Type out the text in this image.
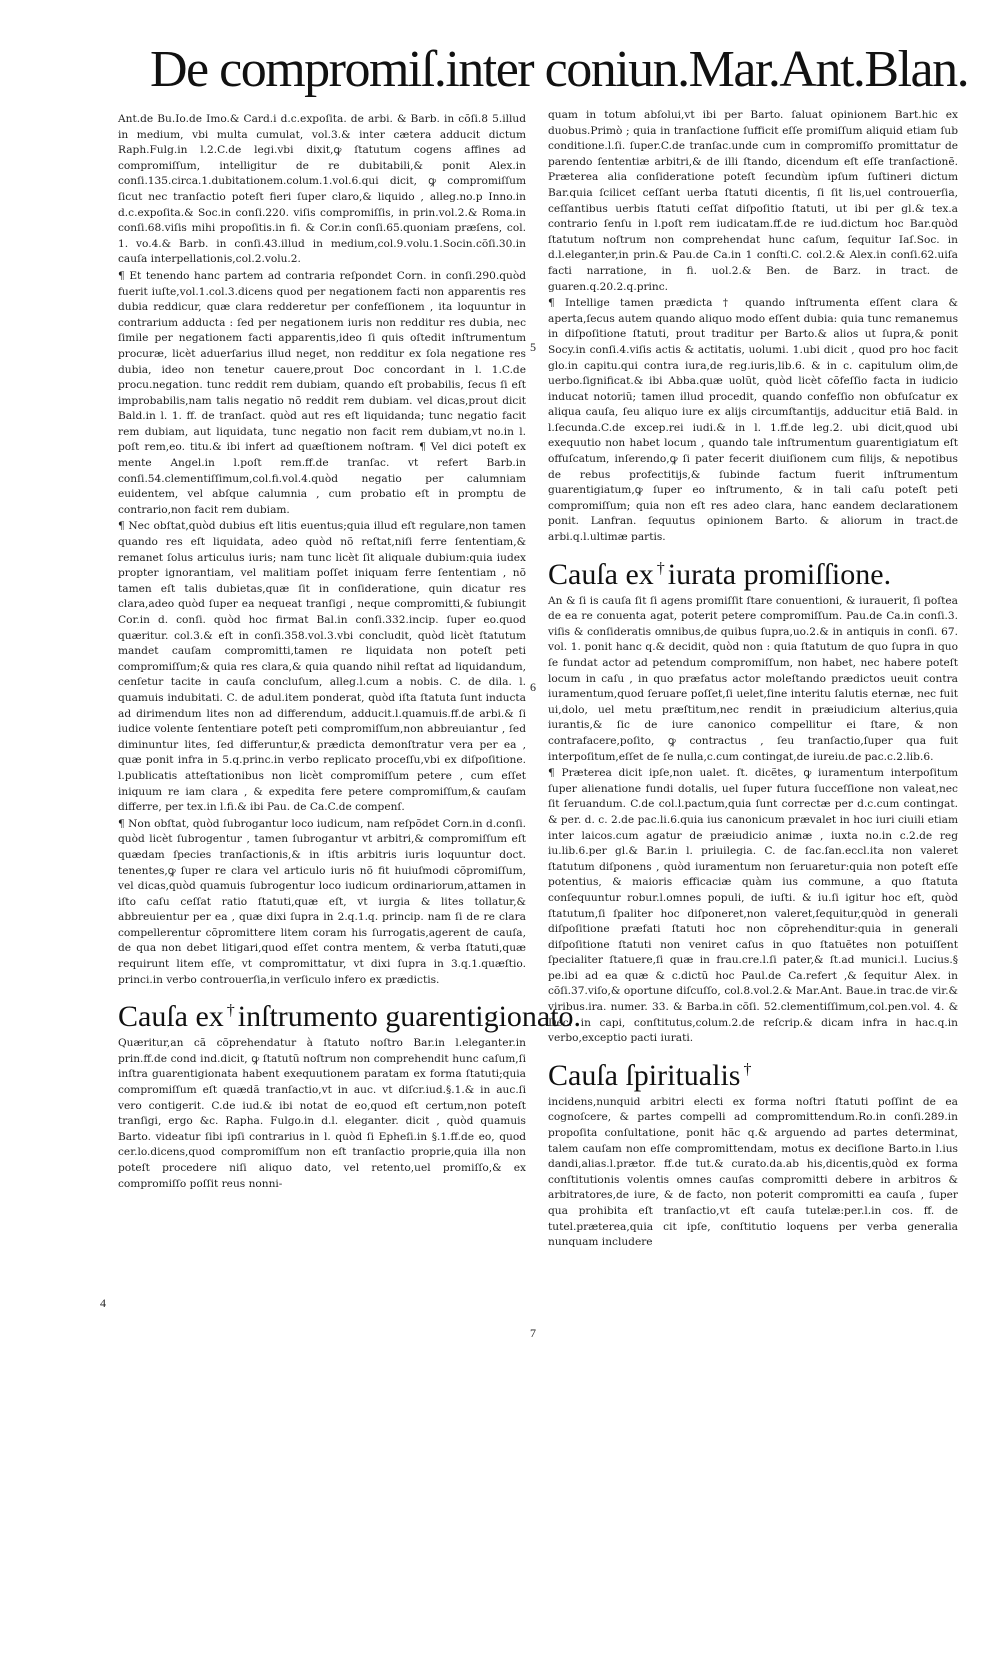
De compromiſ.inter coniun.Mar.Ant.Blan.

Ant.de Bu.Io.de Imo.& Card.i d.c.expoſita. de arbi. & Barb. in cõſi.8 5.illud in medium, vbi multa cumulat, vol.3.& inter cætera adducit dictum Raph.Fulg.in l.2.C.de legi.vbi dixit,ꝙ ſtatutum cogens affines ad compromiſſum, intelligitur de re dubitabili,& ponit Alex.in conſi.135.circa.1.dubitationem.colum.1.vol.6.qui dicit, ꝙ compromiſſum ſicut nec tranſactio poteſt fieri ſuper claro,& liquido , alleg.no.p Inno.in d.c.expoſita.& Soc.in conſi.220. viſis compromiſſis, in prin.vol.2.& Roma.in conſi.68.viſis mihi propoſitis.in fi. & Cor.in conſi.65.quoniam præſens, col. 1. vo.4.& Barb. in conſi.43.illud in medium,col.9.volu.1.Socin.cõſi.30.in cauſa interpellationis,col.2.volu.2.

¶ Et tenendo hanc partem ad contraria reſpondet Corn. in conſi.290.quòd fuerit iuſte,vol.1.col.3.dicens quod per negationem facti non apparentis res dubia reddicur, quæ clara redderetur per confeſſionem , ita loquuntur in contrarium adducta : ſed per negationem iuris non redditur res dubia, nec ſimile per negationem facti apparentis,ideo ſi quis oſtedit inſtrumentum procuræ, licèt aduerſarius illud neget, non redditur ex ſola negatione res dubia, ideo non tenetur cauere,prout Doc concordant in l. 1.C.de procu.negation. tunc reddit rem dubiam, quando eſt probabilis, ſecus ſi eſt improbabilis,nam talis negatio nõ reddit rem dubiam. vel dicas,prout dicit Bald.in l. 1. ff. de tranſact. quòd aut res eſt liquidanda; tunc negatio facit rem dubiam, aut liquidata, tunc negatio non facit rem dubiam,vt no.in l. poſt rem,eo. titu.& ibi infert ad quæſtionem noſtram. ¶ Vel dici poteſt ex mente Angel.in l.poſt rem.ff.de tranſac. vt refert Barb.in conſi.54.clementiſſimum,col.fi.vol.4.quòd negatio per calumniam euidentem, vel abſque calumnia , cum probatio eſt in promptu de contrario,non facit rem dubiam.

¶ Nec obſtat,quòd dubius eſt litis euentus;quia illud eſt regulare,non tamen quando res eſt liquidata, adeo quòd nõ reſtat,niſi ferre ſententiam,& remanet ſolus articulus iuris; nam tunc licèt ſit aliquale dubium:quia iudex propter ignorantiam, vel malitiam poſſet iniquam ferre ſententiam , nõ tamen eſt talis dubietas,quæ ſit in conſideratione, quin dicatur res clara,adeo quòd ſuper ea nequeat tranſigi , neque compromitti,& ſubiungit Cor.in d. conſi. quòd hoc firmat Bal.in conſi.332.incip. ſuper eo.quod quæritur. col.3.& eſt in conſi.358.vol.3.vbi concludit, quòd licèt ſtatutum mandet cauſam compromitti,tamen re liquidata non poteſt peti compromiſſum;& quia res clara,& quia quando nihil reſtat ad liquidandum, cenſetur tacite in cauſa concluſum, alleg.l.cum a nobis. C. de dila. l. quamuis indubitati. C. de adul.item ponderat, quòd iſta ſtatuta ſunt inducta ad dirimendum lites non ad differendum, adducit.l.quamuis.ff.de arbi.& ſi iudice volente ſententiare poteſt peti compromiſſum,non abbreuiantur , ſed diminuntur lites, ſed differuntur,& prædicta demonſtratur vera per ea , quæ ponit infra in 5.q.princ.in verbo replicato proceſſu,vbi ex diſpoſitione. l.publicatis atteſtationibus non licèt compromiſſum petere , cum eſſet iniquum re iam clara , & expedita fere petere compromiſſum,& cauſam differre, per tex.in l.fi.& ibi Pau. de Ca.C.de compenſ.

¶ Non obſtat, quòd ſubrogantur loco iudicum, nam reſpõdet Corn.in d.conſi. quòd licèt ſubrogentur , tamen ſubrogantur vt arbitri,& compromiſſum eſt quædam ſpecies tranſactionis,& in iſtis arbitris iuris loquuntur doct. tenentes,ꝙ ſuper re clara vel articulo iuris nõ fit huiuſmodi cõpromiſſum, vel dicas,quòd quamuis ſubrogentur loco iudicum ordinariorum,attamen in iſto caſu ceſſat ratio ſtatuti,quæ eſt, vt iurgia & lites tollatur,& abbreuientur per ea , quæ dixi ſupra in 2.q.1.q. princip. nam ſi de re clara compellerentur cõpromittere litem coram his ſurrogatis,agerent de cauſa, de qua non debet litigari,quod eſſet contra mentem, & verba ſtatuti,quæ requirunt litem eſſe, vt compromittatur, vt dixi ſupra in 3.q.1.quæſtio. princi.in verbo controuerſia,in verſiculo infero ex prædictis.

Cauſa ex † inſtrumento guarentigionato.

Quæritur,an cã cõprehendatur à ſtatuto noſtro Bar.in l.eleganter.in prin.ff.de cond ind.dicit, ꝙ ſtatutũ noſtrum non comprehendit hunc caſum,ſi inſtra guarentigionata habent exequutionem paratam ex forma ſtatuti;quia compromiſſum eſt quædã tranſactio,vt in auc. vt diſcr.iud.§.1.& in auc.ſi vero contigerit. C.de iud.& ibi notat de eo,quod eſt certum,non poteſt tranſigi, ergo &c. Rapha. Fulgo.in d.l. eleganter. dicit , quòd quamuis Barto. videatur ſibi ipſi contrarius in l. quòd ſi Epheſi.in §.1.ff.de eo, quod cer.lo.dicens,quod compromiſſum non eſt tranſactio proprie,quia illa non poteſt procedere niſi aliquo dato, vel retento,uel promiſſo,& ex compromiſſo poſſit reus nonni-

quam in totum abſolui,vt ibi per Barto. ſaluat opinionem Bart.hic ex duobus.Primò ; quia in tranſactione ſufficit eſſe promiſſum aliquid etiam ſub conditione.l.ſi. ſuper.C.de tranſac.unde cum in compromiſſo promittatur de parendo ſententiæ arbitri,& de illi ſtando, dicendum eſt eſſe tranſactionẽ. Præterea alia conſideratione poteſt ſecundùm ipſum ſuſtineri dictum Bar.quia ſcilicet ceſſant uerba ſtatuti dicentis, ſi ſit lis,uel controuerſia, ceſſantibus uerbis ſtatuti ceſſat diſpoſitio ſtatuti, ut ibi per gl.& tex.a contrario ſenſu in l.poſt rem iudicatam.ff.de re iud.dictum hoc Bar.quòd ſtatutum noſtrum non comprehendat hunc caſum, ſequitur Iaſ.Soc. in d.l.eleganter,in prin.& Pau.de Ca.in 1 conſti.C. col.2.& Alex.in conſi.62.uiſa facti narratione, in fi. uol.2.& Ben. de Barz. in tract. de guaren.q.20.2.q.princ.

¶ Intellige tamen prædicta † quando inſtrumenta eſſent clara & aperta,ſecus autem quando aliquo modo eſſent dubia: quia tunc remanemus in diſpoſitione ſtatuti, prout traditur per Barto.& alios ut ſupra,& ponit Socy.in conſi.4.viſis actis & actitatis, uolumi. 1.ubi dicit , quod pro hoc facit glo.in capitu.qui contra iura,de reg.iuris,lib.6. & in c. capitulum olim,de uerbo.ſignificat.& ibi Abba.quæ uolũt, quòd licèt cõfeſſio facta in iudicio inducat notoriũ; tamen illud procedit, quando confeſſio non obfuſcatur ex aliqua cauſa, ſeu aliquo iure ex alijs circumſtantijs, adducitur etiã Bald. in l.ſecunda.C.de excep.rei iudi.& in l. 1.ff.de leg.2. ubi dicit,quod ubi exequutio non habet locum , quando tale inſtrumentum guarentigiatum eſt offuſcatum, inſerendo,ꝙ ſi pater fecerit diuiſionem cum filijs, & nepotibus de rebus profectitijs,& ſubinde factum fuerit inſtrumentum guarentigiatum,ꝙ ſuper eo inſtrumento, & in tali caſu poteſt peti compromiſſum; quia non eſt res adeo clara, hanc eandem declarationem ponit. Lanfran. ſequutus opinionem Barto. & aliorum in tract.de arbi.q.l.ultimæ partis.

Cauſa ex † iurata promiſſione.

An & ſi is cauſa ſit ſi agens promiſſit ſtare conuentioni, & iurauerit, ſi poſtea de ea re conuenta agat, poterit petere compromiſſum. Pau.de Ca.in conſi.3. viſis & conſideratis omnibus,de quibus ſupra,uo.2.& in antiquis in conſi. 67. vol. 1. ponit hanc q.& decidit, quòd non : quia ſtatutum de quo ſupra in quo ſe fundat actor ad petendum compromiſſum, non habet, nec habere poteſt locum in caſu , in quo præfatus actor moleſtando prædictos ueuit contra iuramentum,quod ſeruare poſſet,ſi uelet,ſine interitu ſalutis eternæ, nec fuit ui,dolo, uel metu præſtitum,nec rendit in præiudicium alterius,quia iurantis,& ſic de iure canonico compellitur ei ſtare, & non contrafacere,poſito, ꝙ contractus , ſeu tranſactio,ſuper qua fuit interpoſitum,eſſet de ſe nulla,c.cum contingat,de iureiu.de pac.c.2.lib.6.

¶ Præterea dicit ipſe,non ualet. ſt. dicẽtes, ꝙ iuramentum interpoſitum ſuper alienatione fundi dotalis, uel ſuper futura ſucceſſione non valeat,nec ſit ſeruandum. C.de col.l.pactum,quia ſunt correctæ per d.c.cum contingat. & per. d. c. 2.de pac.li.6.quia ius canonicum prævalet in hoc iuri ciuili etiam inter laicos.cum agatur de præiudicio animæ , iuxta no.in c.2.de reg iu.lib.6.per gl.& Bar.in l. priuilegia. C. de ſac.ſan.eccl.ita non valeret ſtatutum diſponens , quòd iuramentum non ſeruaretur:quia non poteſt eſſe potentius, & maioris efficaciæ quàm ius commune, a quo ſtatuta conſequuntur robur.l.omnes populi, de iuſti. & iu.ſi igitur hoc eſt, quòd ſtatutum,ſi ſpaliter hoc diſponeret,non valeret,ſequitur,quòd in generali diſpoſitione præfati ſtatuti hoc non cõprehenditur:quia in generali diſpoſitione ſtatuti non veniret caſus in quo ſtatuẽtes non potuiſſent ſpecialiter ſtatuere,ſi quæ in frau.cre.l.ſi pater,& ſt.ad munici.l. Lucius.§ pe.ibi ad ea quæ & c.dictũ hoc Paul.de Ca.refert ,& ſequitur Alex. in cõſi.37.viſo,& oportune diſcuſſo, col.8.vol.2.& Mar.Ant. Baue.in trac.de vir.& viribus.ira. numer. 33. & Barba.in cõſi. 52.clementiſſimum,col.pen.vol. 4. & Dec. in capi, conſtitutus,colum.2.de reſcrip.& dicam infra in hac.q.in verbo,exceptio pacti iurati.

Cauſa ſpiritualis †

incidens,nunquid arbitri electi ex forma noſtri ſtatuti poſſint de ea cognoſcere, & partes compelli ad compromittendum.Ro.in conſi.289.in propoſita conſultatione, ponit hãc q.& arguendo ad partes determinat, talem cauſam non eſſe compromittendam, motus ex deciſione Barto.in l.ius dandi,alias.l.prætor. ff.de tut.& curato.da.ab his,dicentis,quòd ex forma conſtitutionis volentis omnes cauſas compromitti debere in arbitros & arbitratores,de iure, & de facto, non poterit compromitti ea cauſa , ſuper qua prohibita eſt tranſactio,vt eſt cauſa tutelæ:per.l.in cos. ff. de tutel.præterea,quia cit ipſe, conſtitutio loquens per verba generalia nunquam includere

5
6
4
7
